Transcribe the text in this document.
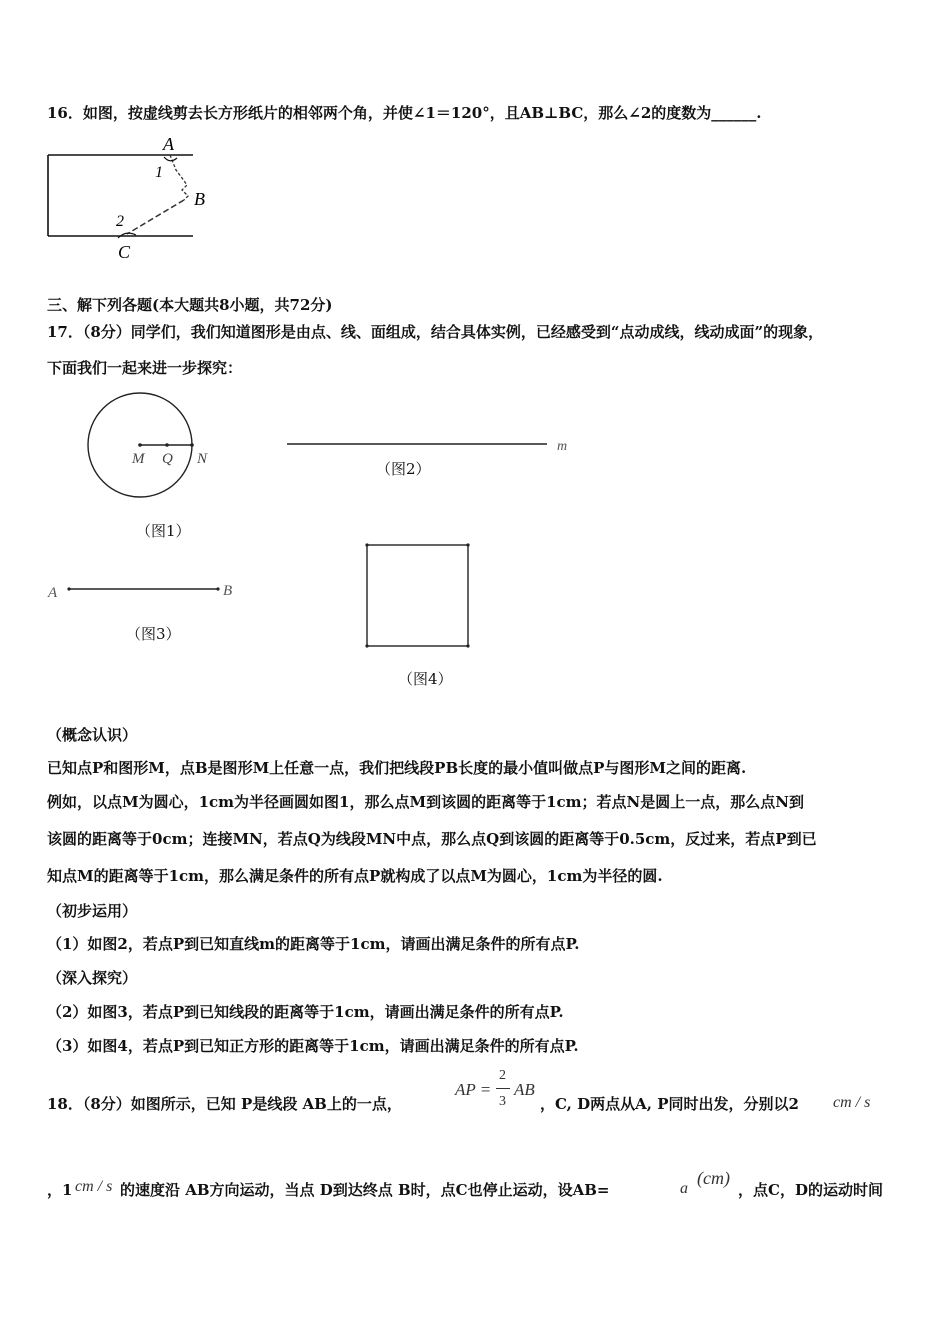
16．如图，按虚线剪去长方形纸片的相邻两个角，并使∠1＝120°，且AB⊥BC，那么∠2的度数为______.
A
1
B
2
C
三、解下列各题(本大题共8小题，共72分)
17．（8分）同学们，我们知道图形是由点、线、面组成，结合具体实例，已经感受到“点动成线，线动成面”的现象，
下面我们一起来进一步探究：
M Q N
（图1）
m
（图2）
A	B
（图3）
（图4）
（概念认识）
已知点P和图形M，点B是图形M上任意一点，我们把线段PB长度的最小值叫做点P与图形M之间的距离.
例如，以点M为圆心，1cm为半径画圆如图1，那么点M到该圆的距离等于1cm；若点N是圆上一点，那么点N到
该圆的距离等于0cm；连接MN，若点Q为线段MN中点，那么点Q到该圆的距离等于0.5cm，反过来，若点P到已
知点M的距离等于1cm，那么满足条件的所有点P就构成了以点M为圆心，1cm为半径的圆.
（初步运用）
（1）如图2，若点P到已知直线m的距离等于1cm，请画出满足条件的所有点P.
（深入探究）
（2）如图3，若点P到已知线段的距离等于1cm，请画出满足条件的所有点P.
（3）如图4，若点P到已知正方形的距离等于1cm，请画出满足条件的所有点P.
18．（8分）如图所示，已知 P是线段 AB上的一点，
AP =
2
3
AB
，C, D两点从A, P同时出发，分别以2 cm / s
，1 cm / s 的速度沿 AB方向运动，当点 D到达终点 B时，点C也停止运动，设AB=	a
(cm)
，点C，D的运动时间
